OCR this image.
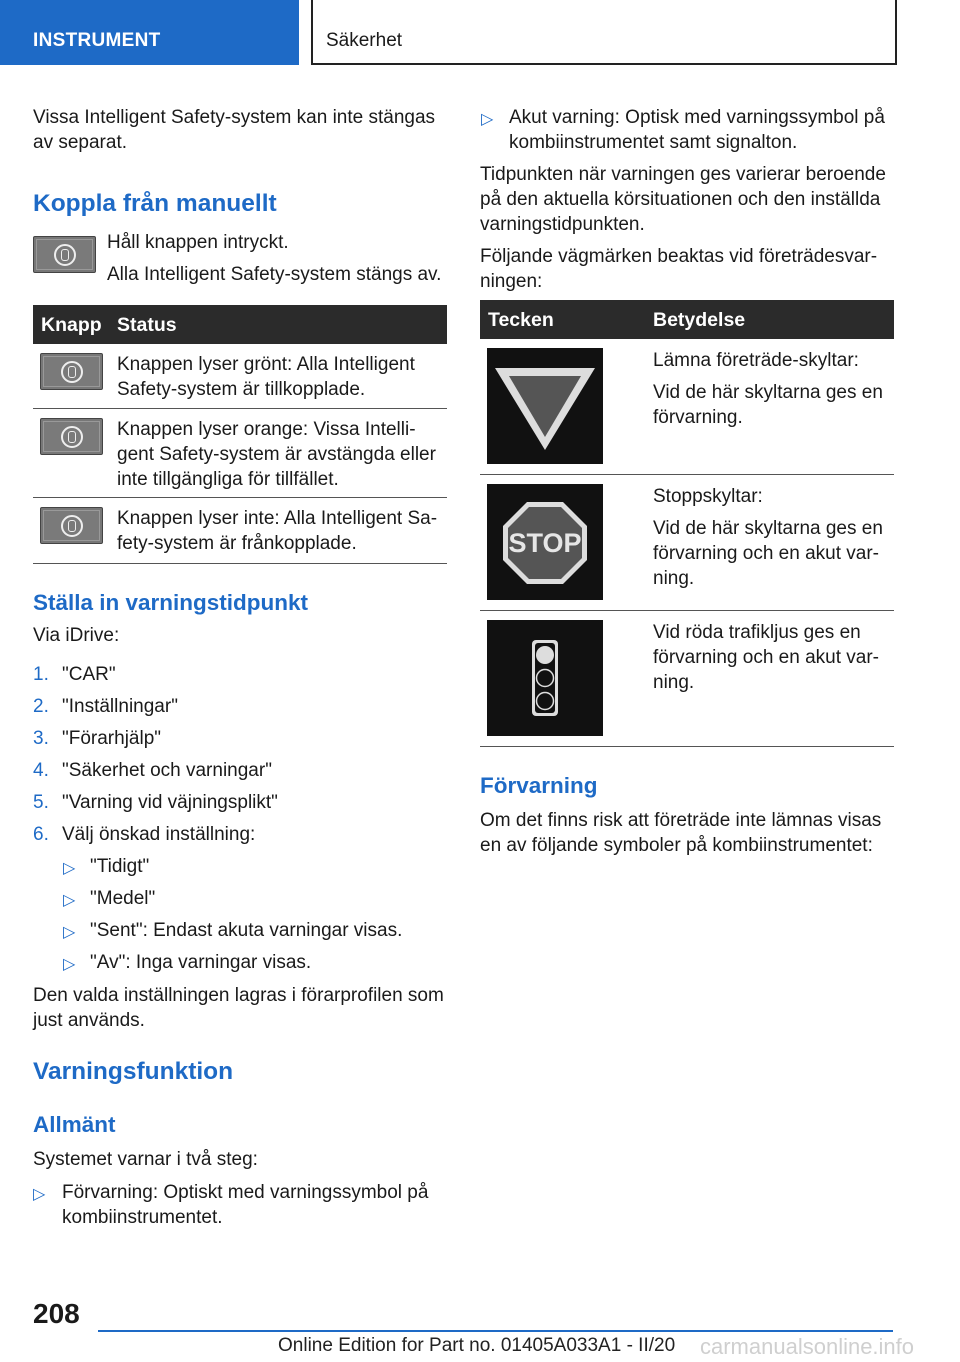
INSTRUMENT	Säkerhet

Vissa Intelligent Safety-system kan inte stängas

av separat.

Koppla från manuellt

Håll knappen intryckt.

Alla Intelligent Safety-system stängs av.

Knapp Status

Knappen lyser grönt: Alla Intelligent

Safety-system är tillkopplade.

Knappen lyser orange: Vissa Intelli-

gent Safety-system är avstängda eller

inte tillgängliga för tillfället.

Knappen lyser inte: Alla Intelligent Sa-

fety-system är frånkopplade.

Ställa in varningstidpunkt

Via iDrive:

1. "CAR"
2. "Inställningar"
3. "Förarhjälp"
4. "Säkerhet och varningar"
5. "Varning vid väjningsplikt"
6. Välj önskad inställning:
▷ "Tidigt"
▷ "Medel"
▷ "Sent": Endast akuta varningar visas.
▷ "Av": Inga varningar visas.

Den valda inställningen lagras i förarprofilen som

just används.

Varningsfunktion
Allmänt

Systemet varnar i två steg:

▷ Förvarning: Optiskt med varningssymbol på

kombiinstrumentet.

▷ Akut varning: Optisk med varningssymbol på

kombiinstrumentet samt signalton.

Tidpunkten när varningen ges varierar beroende

på den aktuella körsituationen och den inställda

varningstidpunkten.

Följande vägmärken beaktas vid företrädesvar-

ningen:

Tecken	Betydelse

Lämna företräde-skyltar:

Vid de här skyltarna ges en

förvarning.

STOP

Stoppskyltar:

Vid de här skyltarna ges en

förvarning och en akut var-

ning.

Vid röda trafikljus ges en

förvarning och en akut var-

ning.

Förvarning

Om det finns risk att företräde inte lämnas visas

en av följande symboler på kombiinstrumentet:

208
Online Edition for Part no. 01405A033A1 - II/20 carmanualsonline.info
